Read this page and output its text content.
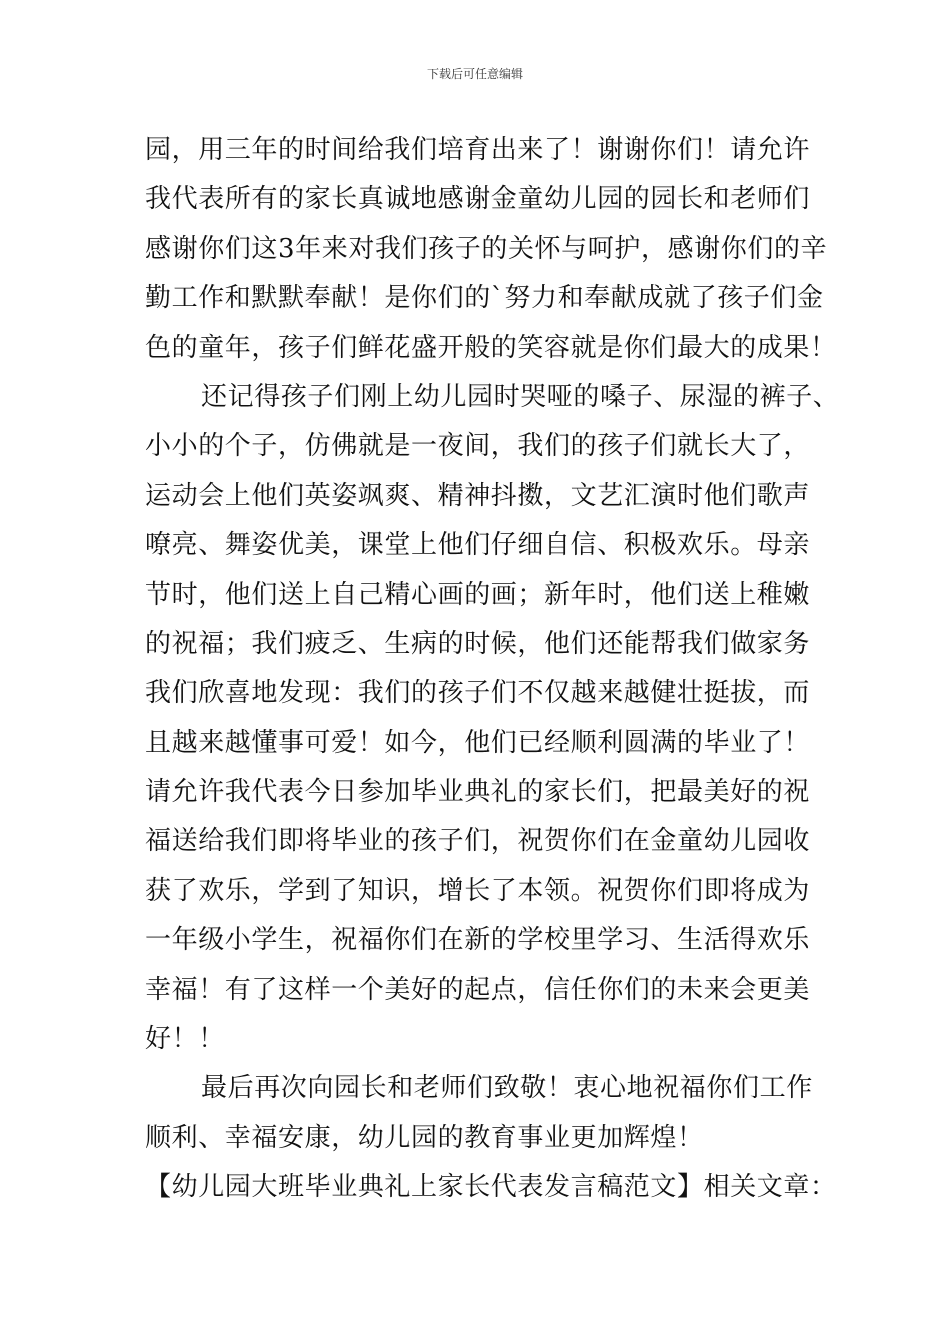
下载后可任意编辑
园，用三年的时间给我们培育出来了！谢谢你们！请允许
我代表所有的家长真诚地感谢金童幼儿园的园长和老师们
感谢你们这3年来对我们孩子的关怀与呵护，感谢你们的辛
勤工作和默默奉献！是你们的`努力和奉献成就了孩子们金
色的童年，孩子们鲜花盛开般的笑容就是你们最大的成果！
还记得孩子们刚上幼儿园时哭哑的嗓子、尿湿的裤子、
小小的个子，仿佛就是一夜间，我们的孩子们就长大了，
运动会上他们英姿飒爽、精神抖擞，文艺汇演时他们歌声
嘹亮、舞姿优美，课堂上他们仔细自信、积极欢乐。母亲
节时，他们送上自己精心画的画；新年时，他们送上稚嫩
的祝福；我们疲乏、生病的时候，他们还能帮我们做家务
我们欣喜地发现：我们的孩子们不仅越来越健壮挺拔，而
且越来越懂事可爱！如今，他们已经顺利圆满的毕业了！
请允许我代表今日参加毕业典礼的家长们，把最美好的祝
福送给我们即将毕业的孩子们，祝贺你们在金童幼儿园收
获了欢乐，学到了知识，增长了本领。祝贺你们即将成为
一年级小学生，祝福你们在新的学校里学习、生活得欢乐
幸福！有了这样一个美好的起点，信任你们的未来会更美
好！！
最后再次向园长和老师们致敬！衷心地祝福你们工作
顺利、幸福安康，幼儿园的教育事业更加辉煌！
【幼儿园大班毕业典礼上家长代表发言稿范文】相关文章：
